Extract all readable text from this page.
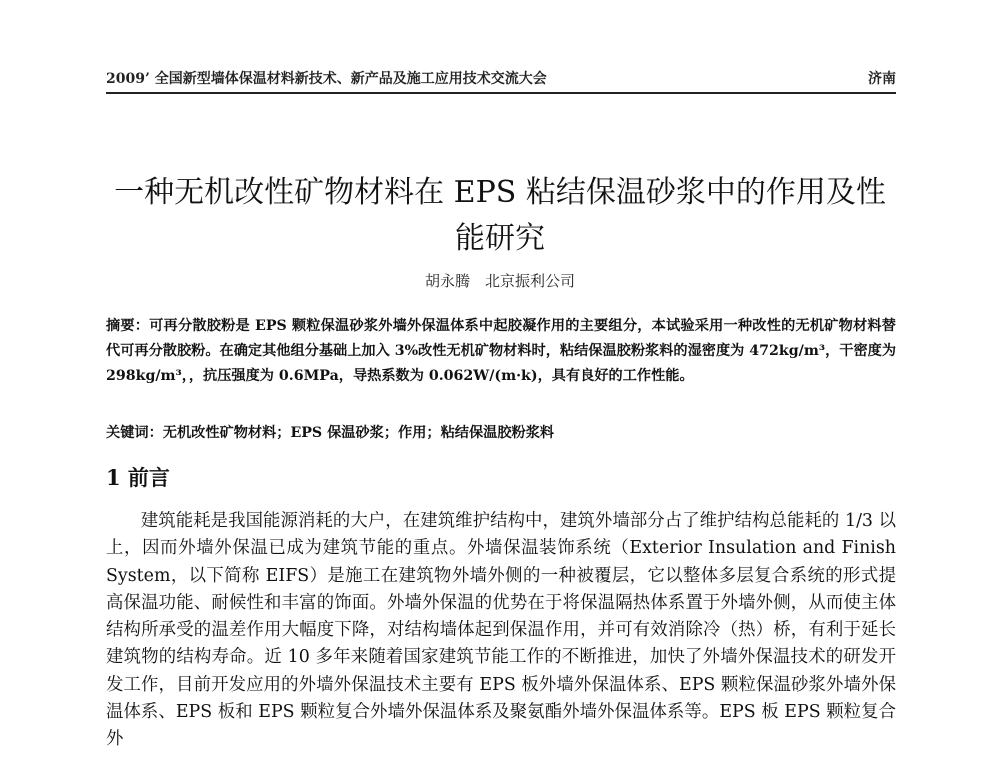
2009’ 全国新型墙体保温材料新技术、新产品及施工应用技术交流大会	济南
一种无机改性矿物材料在 EPS 粘结保温砂浆中的作用及性能研究
胡永腾　北京振利公司

摘要：可再分散胶粉是 EPS 颗粒保温砂浆外墙外保温体系中起胶凝作用的主要组分，本试验采用一种改性的无机矿物材料替代可再分散胶粉。在确定其他组分基础上加入 3%改性无机矿物材料时，粘结保温胶粉浆料的湿密度为 472kg/m³，干密度为 298kg/m³，，抗压强度为 0.6MPa，导热系数为 0.062W/(m·k)，具有良好的工作性能。

关键词：无机改性矿物材料；EPS 保温砂浆；作用；粘结保温胶粉浆料

1 前言

建筑能耗是我国能源消耗的大户，在建筑维护结构中，建筑外墙部分占了维护结构总能耗的 1/3 以上，因而外墙外保温已成为建筑节能的重点。外墙保温装饰系统（Exterior Insulation and Finish System，以下简称 EIFS）是施工在建筑物外墙外侧的一种被覆层，它以整体多层复合系统的形式提高保温功能、耐候性和丰富的饰面。外墙外保温的优势在于将保温隔热体系置于外墙外侧，从而使主体结构所承受的温差作用大幅度下降，对结构墙体起到保温作用，并可有效消除冷（热）桥，有利于延长建筑物的结构寿命。近 10 多年来随着国家建筑节能工作的不断推进，加快了外墙外保温技术的研发开发工作，目前开发应用的外墙外保温技术主要有 EPS 板外墙外保温体系、EPS 颗粒保温砂浆外墙外保温体系、EPS 板和 EPS 颗粒复合外墙外保温体系及聚氨酯外墙外保温体系等。EPS 板 EPS 颗粒复合外
